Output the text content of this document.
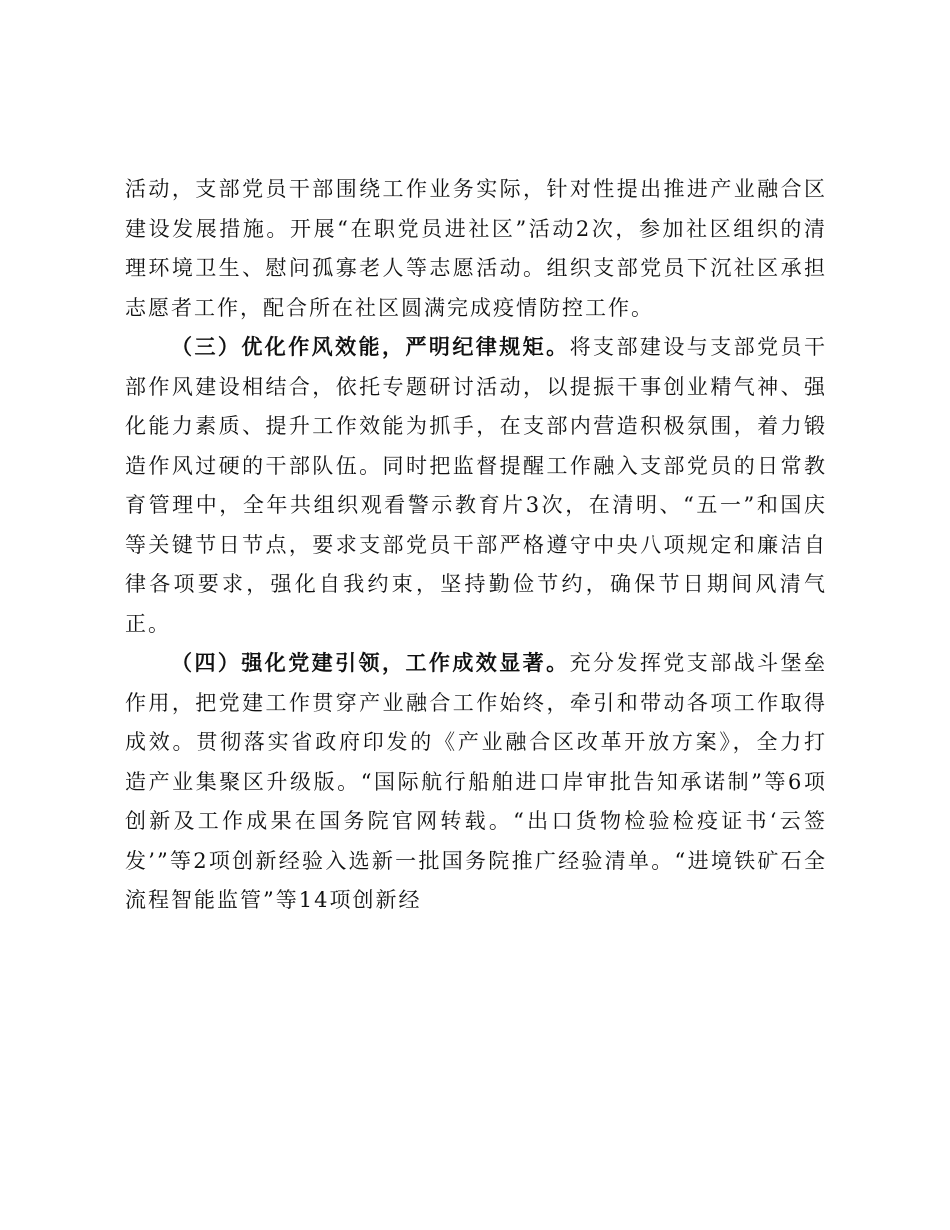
活动，支部党员干部围绕工作业务实际，针对性提出推进产业融合区建设发展措施。开展“在职党员进社区”活动2次，参加社区组织的清理环境卫生、慰问孤寡老人等志愿活动。组织支部党员下沉社区承担志愿者工作，配合所在社区圆满完成疫情防控工作。

（三）优化作风效能，严明纪律规矩。将支部建设与支部党员干部作风建设相结合，依托专题研讨活动，以提振干事创业精气神、强化能力素质、提升工作效能为抓手，在支部内营造积极氛围，着力锻造作风过硬的干部队伍。同时把监督提醒工作融入支部党员的日常教育管理中，全年共组织观看警示教育片3次，在清明、“五一”和国庆等关键节日节点，要求支部党员干部严格遵守中央八项规定和廉洁自律各项要求，强化自我约束，坚持勤俭节约，确保节日期间风清气正。

（四）强化党建引领，工作成效显著。充分发挥党支部战斗堡垒作用，把党建工作贯穿产业融合工作始终，牵引和带动各项工作取得成效。贯彻落实省政府印发的《产业融合区改革开放方案》，全力打造产业集聚区升级版。“国际航行船舶进口岸审批告知承诺制”等6项创新及工作成果在国务院官网转载。“出口货物检验检疫证书‘云签发’”等2项创新经验入选新一批国务院推广经验清单。“进境铁矿石全流程智能监管”等14项创新经
